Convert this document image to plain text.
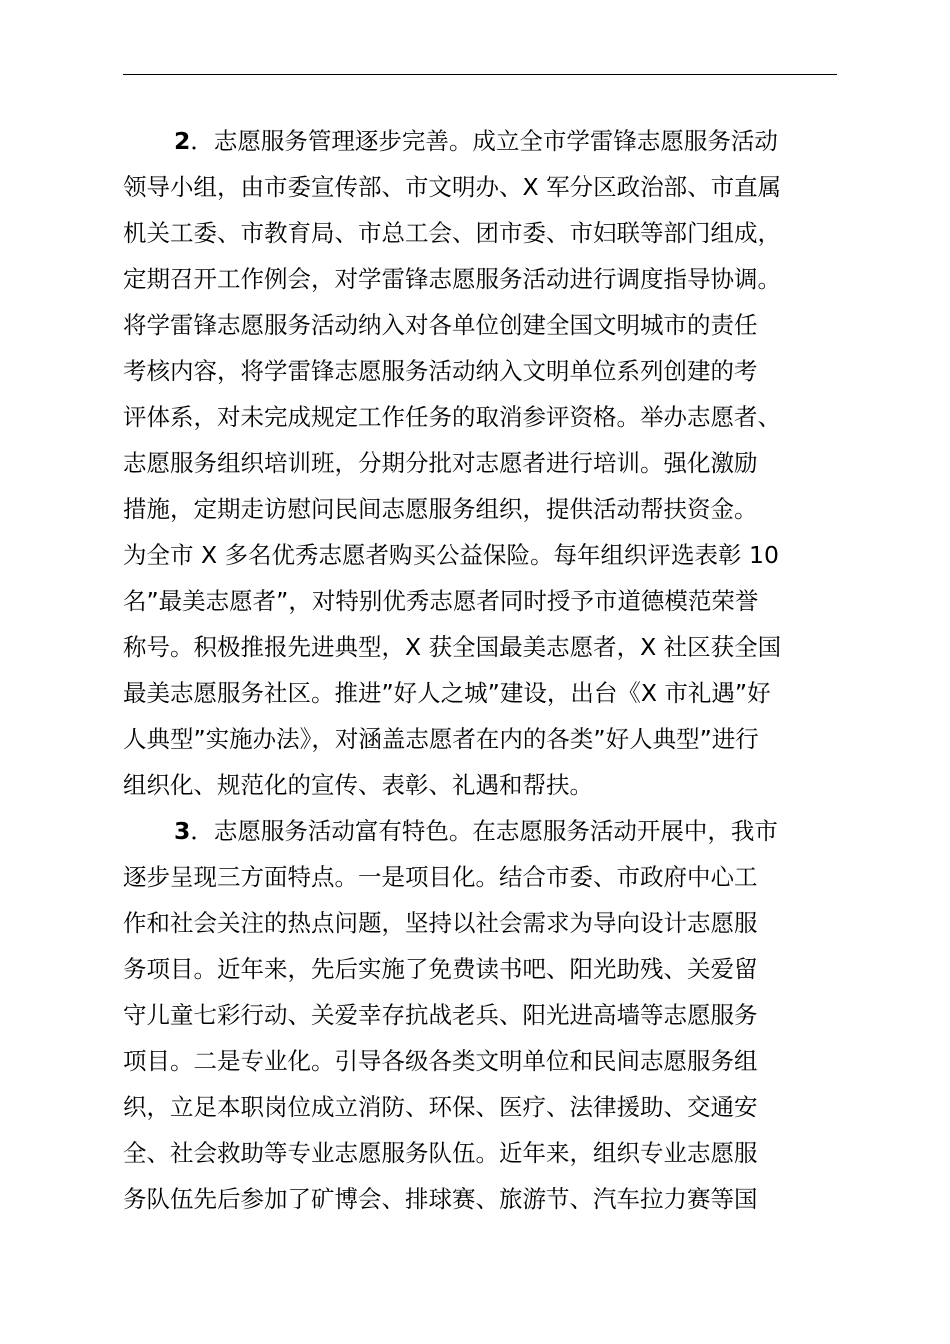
2．志愿服务管理逐步完善。成立全市学雷锋志愿服务活动
领导小组，由市委宣传部、市文明办、X 军分区政治部、市直属
机关工委、市教育局、市总工会、团市委、市妇联等部门组成，
定期召开工作例会，对学雷锋志愿服务活动进行调度指导协调。
将学雷锋志愿服务活动纳入对各单位创建全国文明城市的责任
考核内容，将学雷锋志愿服务活动纳入文明单位系列创建的考
评体系，对未完成规定工作任务的取消参评资格。举办志愿者、
志愿服务组织培训班，分期分批对志愿者进行培训。强化激励
措施，定期走访慰问民间志愿服务组织，提供活动帮扶资金。
为全市 X 多名优秀志愿者购买公益保险。每年组织评选表彰 10
名”最美志愿者”，对特别优秀志愿者同时授予市道德模范荣誉
称号。积极推报先进典型，X 获全国最美志愿者，X 社区获全国
最美志愿服务社区。推进”好人之城”建设，出台《X 市礼遇”好
人典型”实施办法》，对涵盖志愿者在内的各类”好人典型”进行
组织化、规范化的宣传、表彰、礼遇和帮扶。
3．志愿服务活动富有特色。在志愿服务活动开展中，我市
逐步呈现三方面特点。一是项目化。结合市委、市政府中心工
作和社会关注的热点问题，坚持以社会需求为导向设计志愿服
务项目。近年来，先后实施了免费读书吧、阳光助残、关爱留
守儿童七彩行动、关爱幸存抗战老兵、阳光进高墙等志愿服务
项目。二是专业化。引导各级各类文明单位和民间志愿服务组
织，立足本职岗位成立消防、环保、医疗、法律援助、交通安
全、社会救助等专业志愿服务队伍。近年来，组织专业志愿服
务队伍先后参加了矿博会、排球赛、旅游节、汽车拉力赛等国
